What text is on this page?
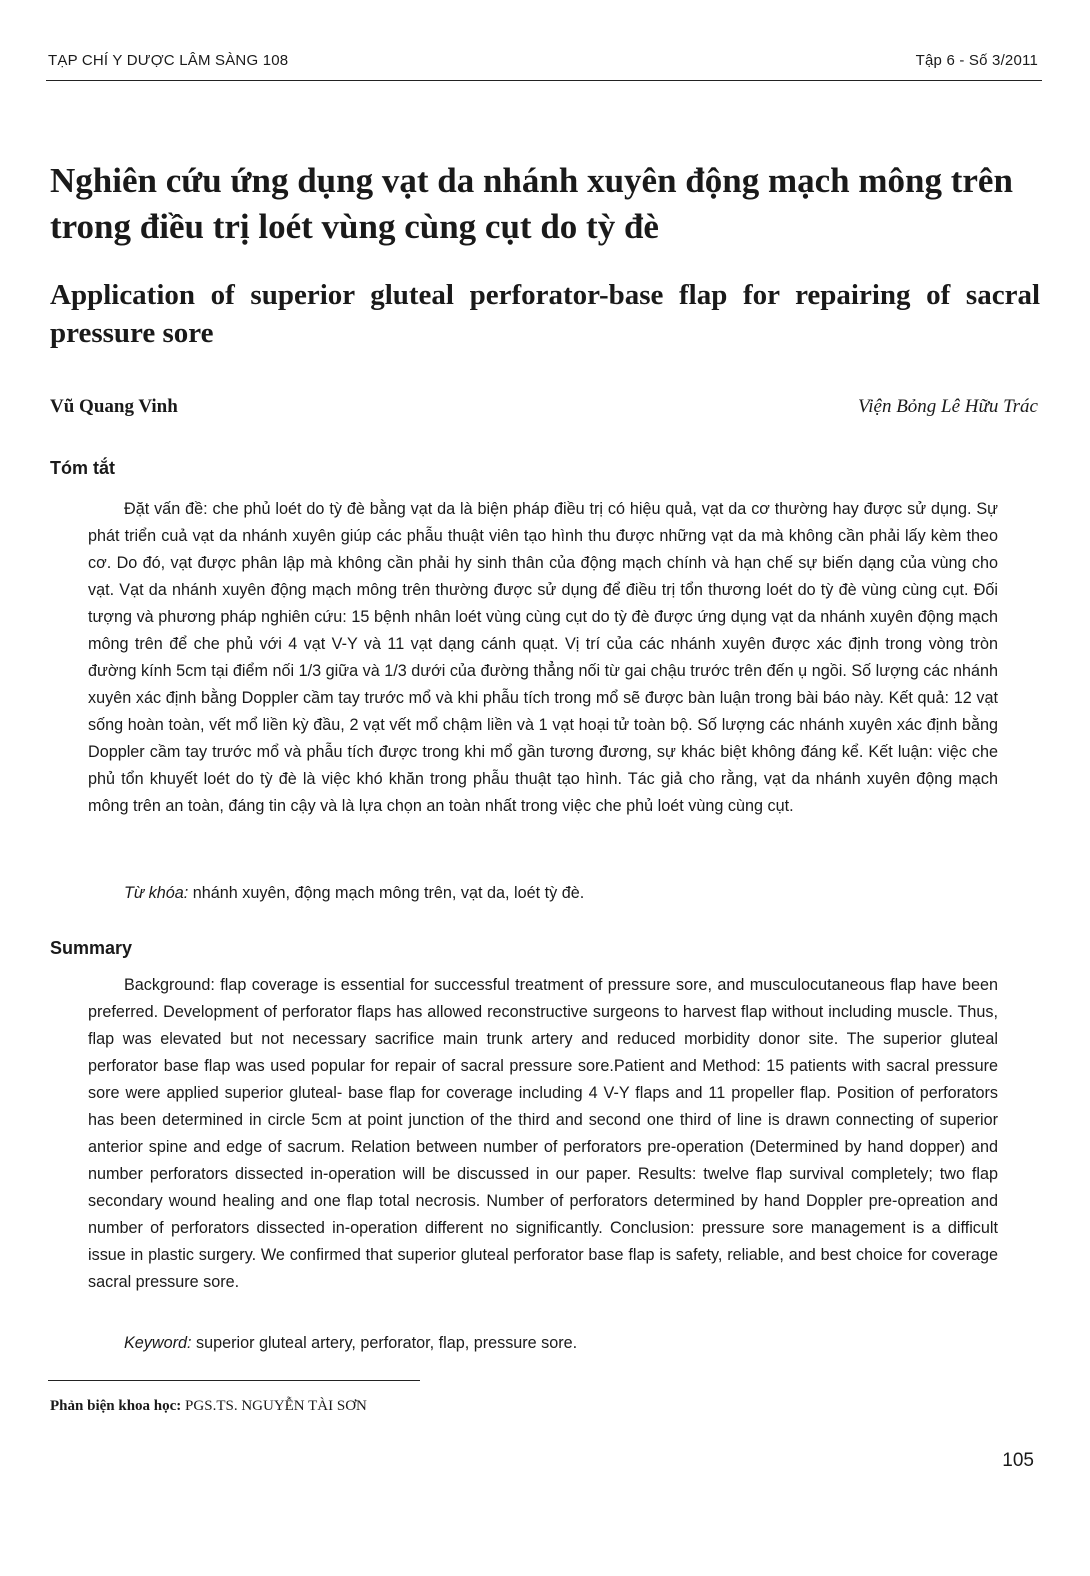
TẠP CHÍ Y DƯỢC LÂM SÀNG 108	Tập 6 - Số 3/2011
Nghiên cứu ứng dụng vạt da nhánh xuyên động mạch mông trên trong điều trị loét vùng cùng cụt do tỳ đè
Application of superior gluteal perforator-base flap for repairing of sacral pressure sore
Vũ Quang Vinh	Viện Bỏng Lê Hữu Trác
Tóm tắt
Đặt vấn đề: che phủ loét do tỳ đè bằng vạt da là biện pháp điều trị có hiệu quả, vạt da cơ thường hay được sử dụng. Sự phát triển cuả vạt da nhánh xuyên giúp các phẫu thuật viên tạo hình thu được những vạt da mà không cần phải lấy kèm theo cơ. Do đó, vạt được phân lập mà không cần phải hy sinh thân của động mạch chính và hạn chế sự biến dạng của vùng cho vạt. Vạt da nhánh xuyên động mạch mông trên thường được sử dụng để điều trị tổn thương loét do tỳ đè vùng cùng cụt. Đối tượng và phương pháp nghiên cứu: 15 bệnh nhân loét vùng cùng cụt do tỳ đè được ứng dụng vạt da nhánh xuyên động mạch mông trên để che phủ với 4 vạt V-Y và 11 vạt dạng cánh quạt. Vị trí của các nhánh xuyên được xác định trong vòng tròn đường kính 5cm tại điểm nối 1/3 giữa và 1/3 dưới của đường thẳng nối từ gai chậu trước trên đến ụ ngồi. Số lượng các nhánh xuyên xác định bằng Doppler cầm tay trước mổ và khi phẫu tích trong mổ sẽ được bàn luận trong bài báo này. Kết quả: 12 vạt sống hoàn toàn, vết mổ liền kỳ đầu, 2 vạt vết mổ chậm liền và 1 vạt hoại tử toàn bộ. Số lượng các nhánh xuyên xác định bằng Doppler cầm tay trước mổ và phẫu tích được trong khi mổ gần tương đương, sự khác biệt không đáng kể. Kết luận: việc che phủ tổn khuyết loét do tỳ đè là việc khó khăn trong phẫu thuật tạo hình. Tác giả cho rằng, vạt da nhánh xuyên động mạch mông trên an toàn, đáng tin cậy và là lựa chọn an toàn nhất trong việc che phủ loét vùng cùng cụt.
Từ khóa: nhánh xuyên, động mạch mông trên, vạt da, loét tỳ đè.
Summary
Background: flap coverage is essential for successful treatment of pressure sore, and musculocutaneous flap have been preferred. Development of perforator flaps has allowed reconstructive surgeons to harvest flap without including muscle. Thus, flap was elevated but not necessary sacrifice main trunk artery and reduced morbidity donor site. The superior gluteal perforator base flap was used popular for repair of sacral pressure sore.Patient and Method: 15 patients with sacral pressure sore were applied superior gluteal- base flap for coverage including 4 V-Y flaps and 11 propeller flap. Position of perforators has been determined in circle 5cm at point junction of the third and second one third of line is drawn connecting of superior anterior spine and edge of sacrum. Relation between number of perforators pre-operation (Determined by hand dopper) and number perforators dissected in-operation will be discussed in our paper. Results: twelve flap survival completely; two flap secondary wound healing and one flap total necrosis. Number of perforators determined by hand Doppler pre-opreation and number of perforators dissected in-operation different no significantly. Conclusion: pressure sore management is a difficult issue in plastic surgery. We confirmed that superior gluteal perforator base flap is safety, reliable, and best choice for coverage sacral pressure sore.
Keyword: superior gluteal artery, perforator, flap, pressure sore.
Phản biện khoa học: PGS.TS. NGUYỄN TÀI SƠN
105
